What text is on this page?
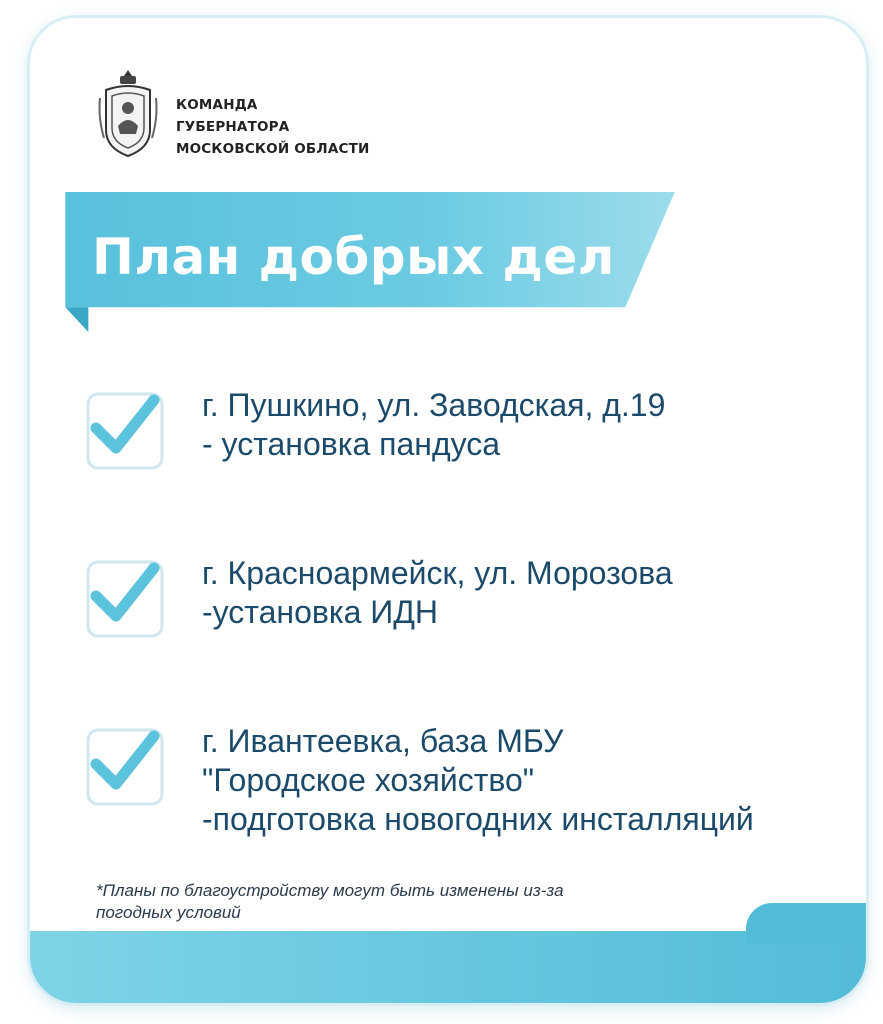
КОМАНДА
ГУБЕРНАТОРА
МОСКОВСКОЙ ОБЛАСТИ
План добрых дел
г. Пушкино, ул. Заводская, д.19
- установка пандуса
г. Красноармейск, ул. Морозова
-установка ИДН
г. Ивантеевка, база МБУ
"Городское хозяйство"
-подготовка новогодних инсталляций
*Планы по благоустройству могут быть изменены из-за
погодных условий
